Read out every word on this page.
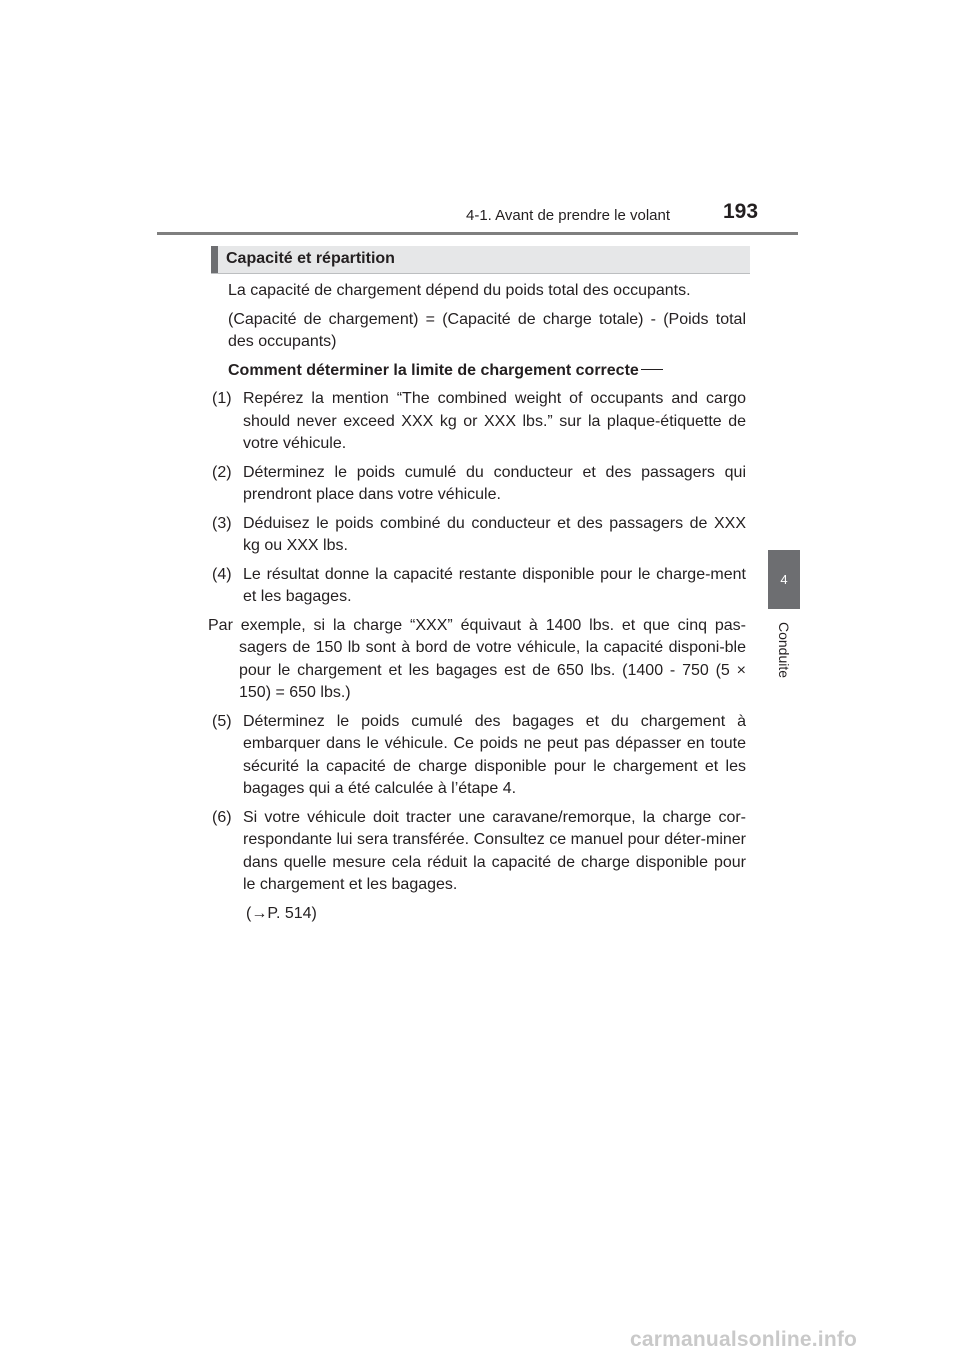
4-1. Avant de prendre le volant	193
4
Conduite
Capacité et répartition

La capacité de chargement dépend du poids total des occupants.

(Capacité de chargement) = (Capacité de charge totale) - (Poids total des occupants)

Comment déterminer la limite de chargement correcte

(1) Repérez la mention “The combined weight of occupants and cargo should never exceed XXX kg or XXX lbs.” sur la plaque-étiquette de votre véhicule.
(2) Déterminez le poids cumulé du conducteur et des passagers qui prendront place dans votre véhicule.
(3) Déduisez le poids combiné du conducteur et des passagers de XXX kg ou XXX lbs.
(4) Le résultat donne la capacité restante disponible pour le charge-ment et les bagages.

Par exemple, si la charge “XXX” équivaut à 1400 lbs. et que cinq pas-sagers de 150 lb sont à bord de votre véhicule, la capacité disponi-ble pour le chargement et les bagages est de 650 lbs. (1400 - 750 (5 × 150) = 650 lbs.)

(5) Déterminez le poids cumulé des bagages et du chargement à embarquer dans le véhicule. Ce poids ne peut pas dépasser en toute sécurité la capacité de charge disponible pour le chargement et les bagages qui a été calculée à l’étape 4.
(6) Si votre véhicule doit tracter une caravane/remorque, la charge cor-respondante lui sera transférée. Consultez ce manuel pour déter-miner dans quelle mesure cela réduit la capacité de charge disponible pour le chargement et les bagages.

(→P. 514)

carmanualsonline.info
